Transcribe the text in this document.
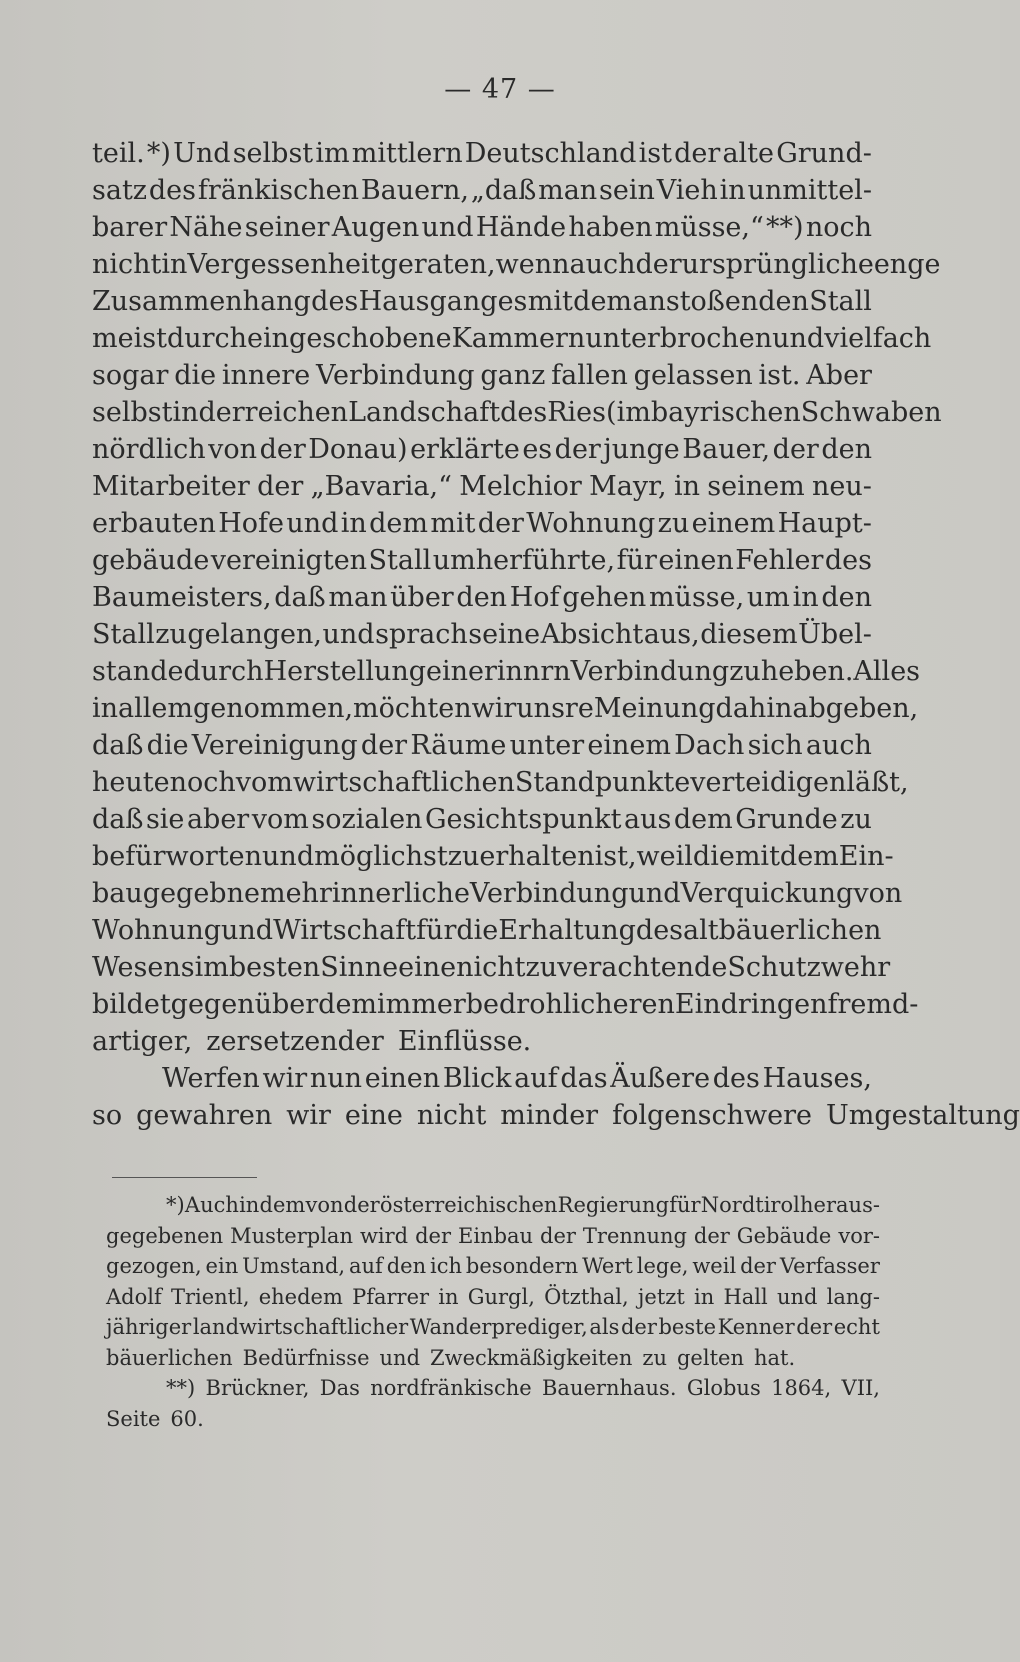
— 47 —
teil. *) Und selbst im mittlern Deutschland ist der alte Grund-
satz des fränkischen Bauern, „daß man sein Vieh in unmittel-
barer Nähe seiner Augen und Hände haben müsse,“ **) noch
nicht in Vergessenheit geraten, wenn auch der ursprüngliche enge
Zusammenhang des Hausganges mit dem anstoßenden Stall
meist durch eingeschobene Kammern unterbrochen und vielfach
sogar die innere Verbindung ganz fallen gelassen ist. Aber
selbst in der reichen Landschaft des Ries (im bayrischen Schwaben
nördlich von der Donau) erklärte es der junge Bauer, der den
Mitarbeiter der „Bavaria,“ Melchior Mayr, in seinem neu-
erbauten Hofe und in dem mit der Wohnung zu einem Haupt-
gebäude vereinigten Stall umherführte, für einen Fehler des
Baumeisters, daß man über den Hof gehen müsse, um in den
Stall zu gelangen, und sprach seine Absicht aus, diesem Übel-
stande durch Herstellung einer innrn Verbindung zu heben. Alles
in allem genommen, möchten wir unsre Meinung dahin abgeben,
daß die Vereinigung der Räume unter einem Dach sich auch
heute noch vom wirtschaftlichen Standpunkte verteidigen läßt,
daß sie aber vom sozialen Gesichtspunkt aus dem Grunde zu
befürworten und möglichst zu erhalten ist, weil die mit dem Ein-
bau gegebne mehr innerliche Verbindung und Verquickung von
Wohnung und Wirtschaft für die Erhaltung des altbäuerlichen
Wesens im besten Sinne eine nicht zu verachtende Schutzwehr
bildet gegenüber dem immer bedrohlicheren Eindringen fremd-
artiger, zersetzender Einflüsse.
Werfen wir nun einen Blick auf das Äußere des Hauses,
so gewahren wir eine nicht minder folgenschwere Umgestaltung
*) Auch in dem von der österreichischen Regierung für Nordtirol heraus-
gegebenen Musterplan wird der Einbau der Trennung der Gebäude vor-
gezogen, ein Umstand, auf den ich besondern Wert lege, weil der Verfasser
Adolf Trientl, ehedem Pfarrer in Gurgl, Ötzthal, jetzt in Hall und lang-
jähriger landwirtschaftlicher Wanderprediger, als der beste Kenner der echt
bäuerlichen Bedürfnisse und Zweckmäßigkeiten zu gelten hat.
**) Brückner, Das nordfränkische Bauernhaus. Globus 1864, VII,
Seite 60.
